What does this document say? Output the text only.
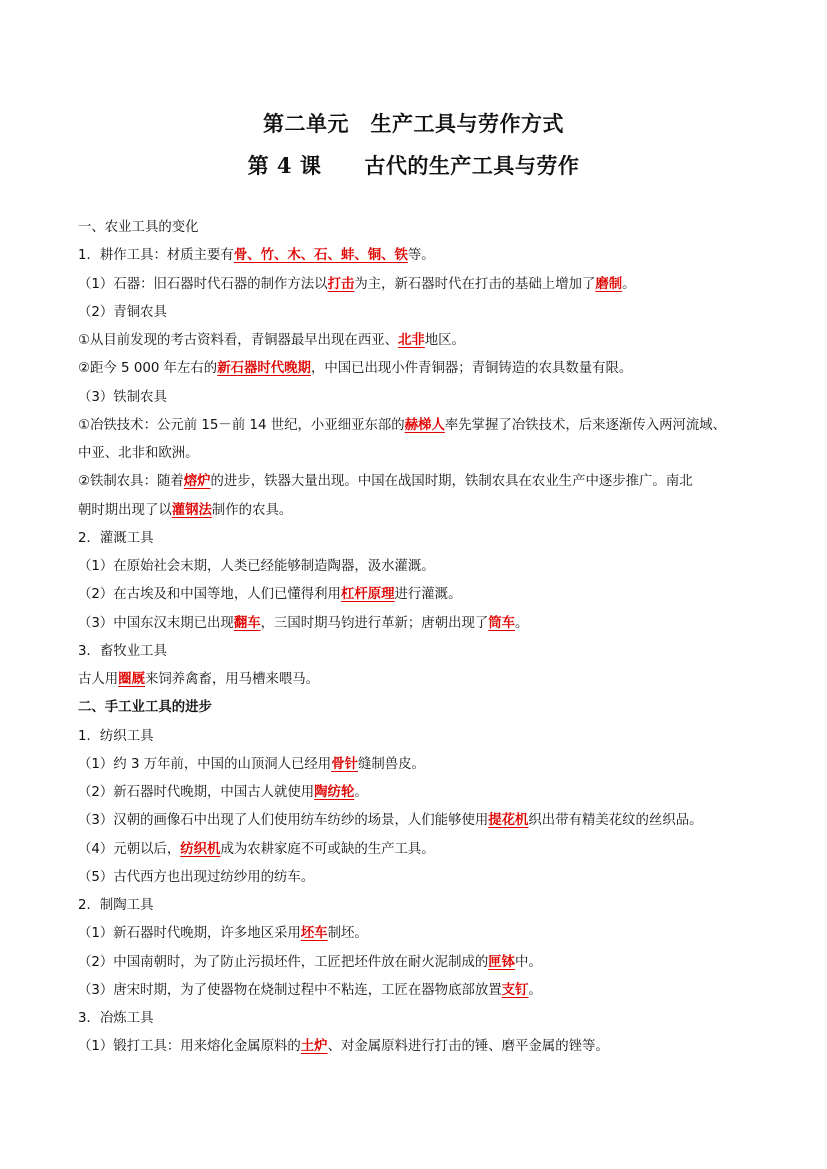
第二单元　生产工具与劳作方式
第 4 课　　古代的生产工具与劳作
一、农业工具的变化
1．耕作工具：材质主要有骨、竹、木、石、蚌、铜、铁等。
（1）石器：旧石器时代石器的制作方法以打击为主，新石器时代在打击的基础上增加了磨制。
（2）青铜农具
①从目前发现的考古资料看，青铜器最早出现在西亚、北非地区。
②距今 5 000 年左右的新石器时代晚期，中国已出现小件青铜器；青铜铸造的农具数量有限。
（3）铁制农具
①冶铁技术：公元前 15－前 14 世纪，小亚细亚东部的赫梯人率先掌握了冶铁技术，后来逐渐传入两河流域、
中亚、北非和欧洲。
②铁制农具：随着熔炉的进步，铁器大量出现。中国在战国时期，铁制农具在农业生产中逐步推广。南北
朝时期出现了以灌钢法制作的农具。
2．灌溉工具
（1）在原始社会末期，人类已经能够制造陶器，汲水灌溉。
（2）在古埃及和中国等地，人们已懂得利用杠杆原理进行灌溉。
（3）中国东汉末期已出现翻车，三国时期马钧进行革新；唐朝出现了筒车。
3．畜牧业工具
古人用圈厩来饲养禽畜，用马槽来喂马。
二、手工业工具的进步
1．纺织工具
（1）约 3 万年前，中国的山顶洞人已经用骨针缝制兽皮。
（2）新石器时代晚期，中国古人就使用陶纺轮。
（3）汉朝的画像石中出现了人们使用纺车纺纱的场景，人们能够使用提花机织出带有精美花纹的丝织品。
（4）元朝以后，纺织机成为农耕家庭不可或缺的生产工具。
（5）古代西方也出现过纺纱用的纺车。
2．制陶工具
（1）新石器时代晚期，许多地区采用坯车制坯。
（2）中国南朝时，为了防止污损坯件，工匠把坯件放在耐火泥制成的匣钵中。
（3）唐宋时期，为了使器物在烧制过程中不粘连，工匠在器物底部放置支钉。
3．冶炼工具
（1）锻打工具：用来熔化金属原料的土炉、对金属原料进行打击的锤、磨平金属的锉等。
